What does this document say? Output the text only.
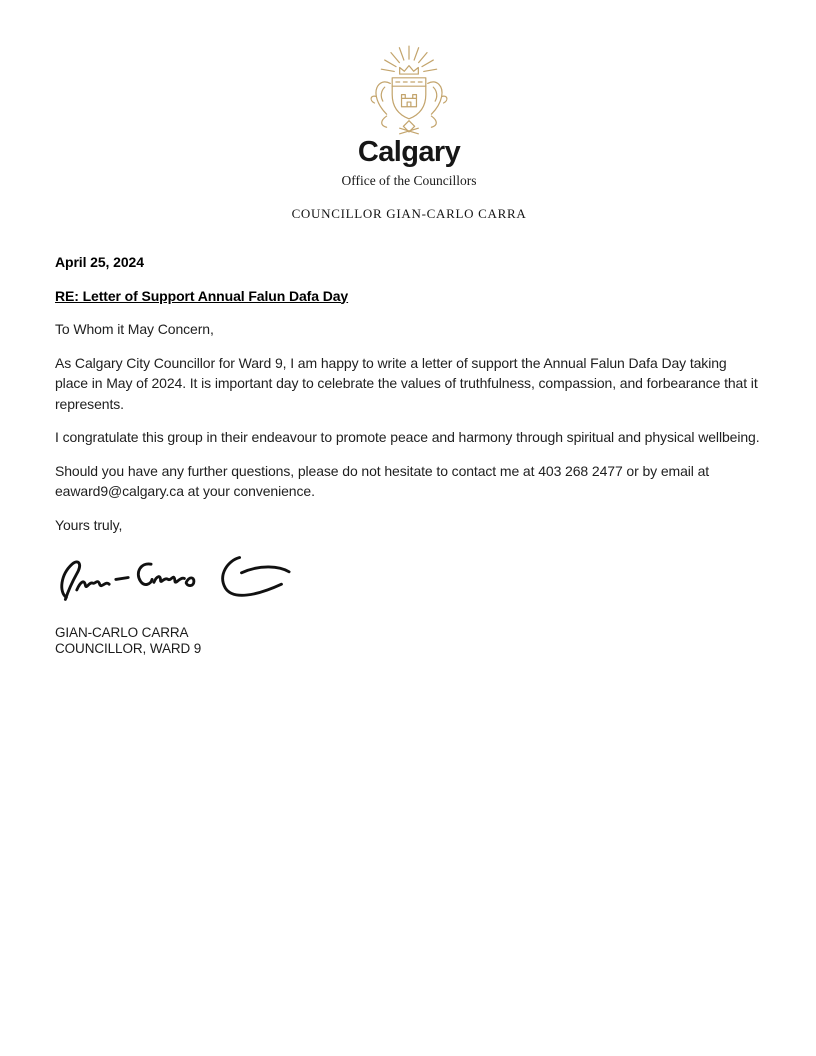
Calgary
Office of the Councillors
COUNCILLOR GIAN-CARLO CARRA

April 25, 2024

RE: Letter of Support Annual Falun Dafa Day

To Whom it May Concern,

As Calgary City Councillor for Ward 9, I am happy to write a letter of support the Annual Falun Dafa Day taking place in May of 2024. It is important day to celebrate the values of truthfulness, compassion, and forbearance that it represents.

I congratulate this group in their endeavour to promote peace and harmony through spiritual and physical wellbeing.

Should you have any further questions, please do not hesitate to contact me at 403 268 2477 or by email at eaward9@calgary.ca at your convenience.

Yours truly,

GIAN-CARLO CARRA
COUNCILLOR, WARD 9
